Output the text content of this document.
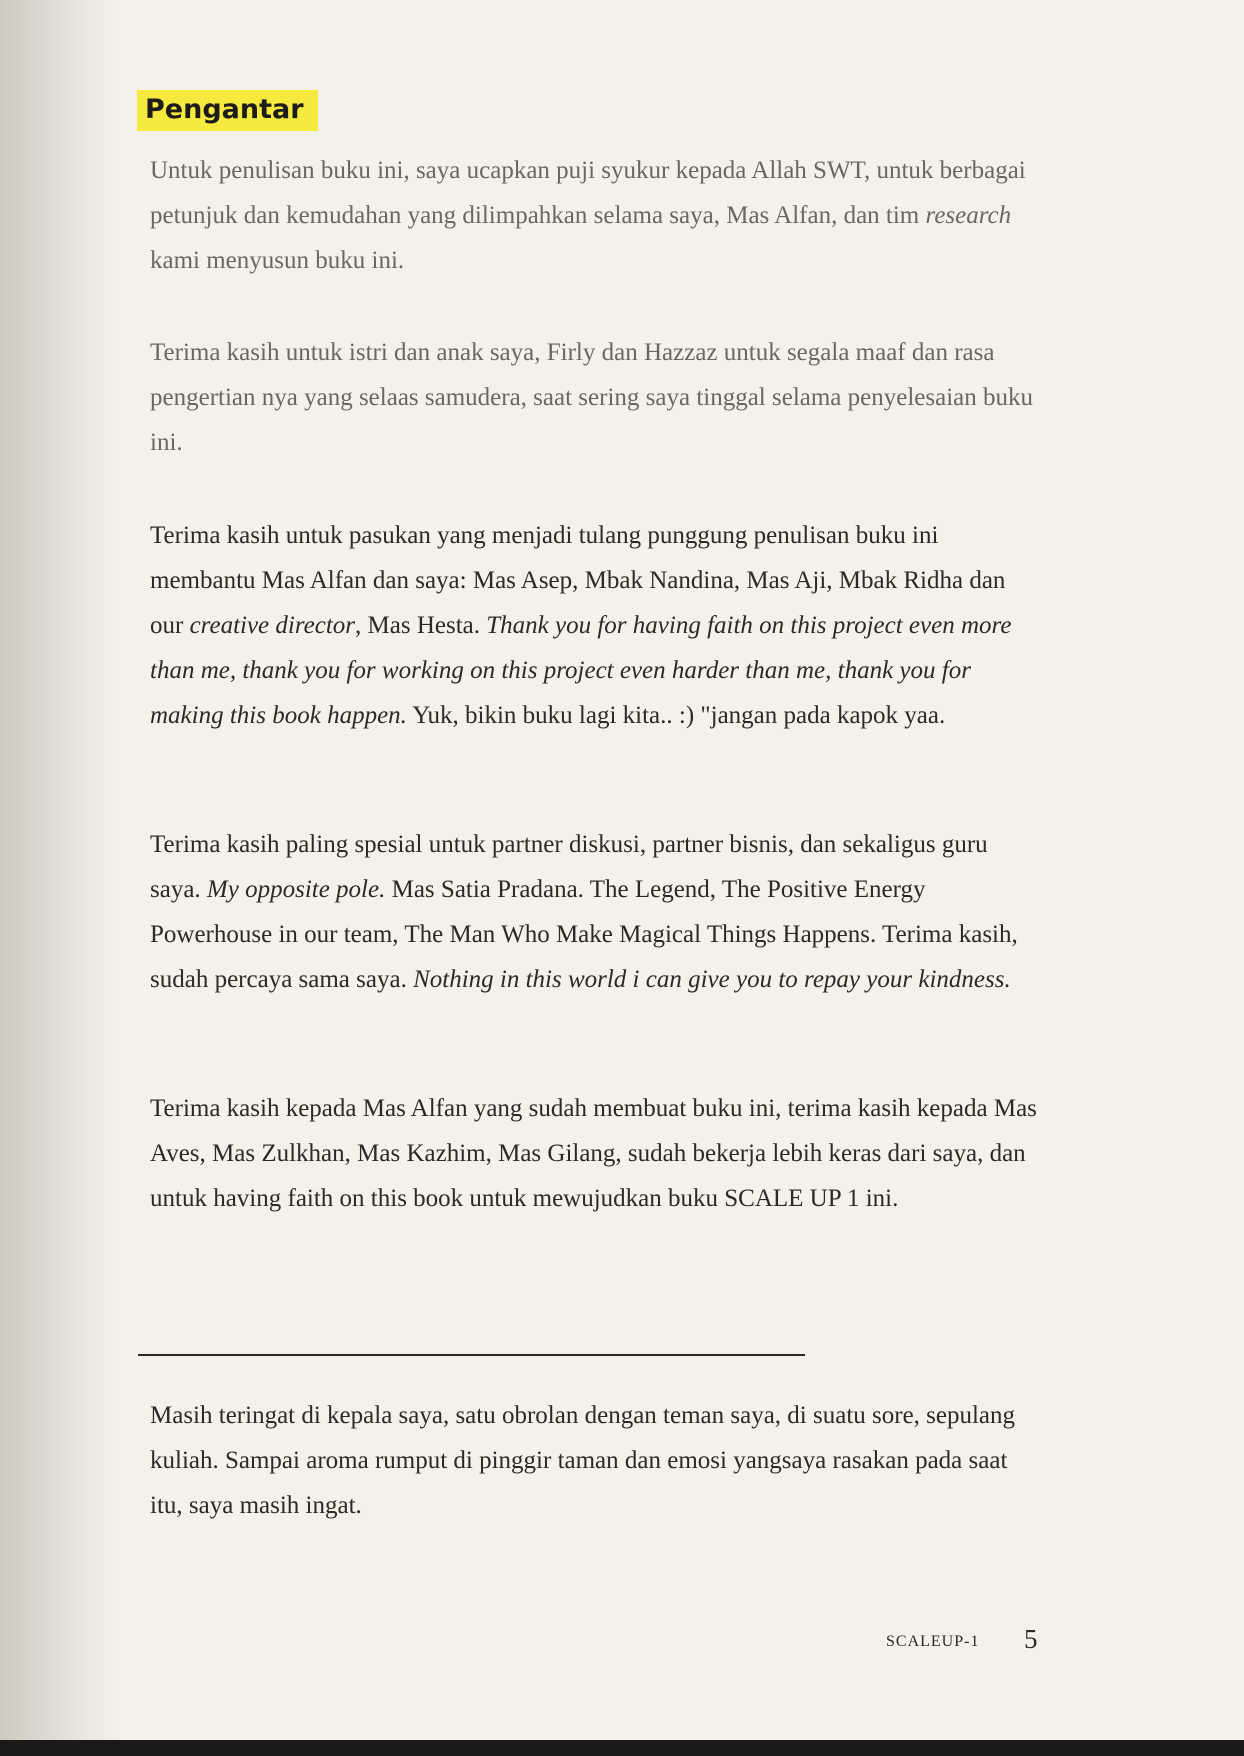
Pengantar

Untuk penulisan buku ini, saya ucapkan puji syukur kepada Allah SWT, untuk berbagai petunjuk dan kemudahan yang dilimpahkan selama saya, Mas Alfan, dan tim research kami menyusun buku ini.

Terima kasih untuk istri dan anak saya, Firly dan Hazzaz untuk segala maaf dan rasa pengertian nya yang selaas samudera, saat sering saya tinggal selama penyelesaian buku ini.

Terima kasih untuk pasukan yang menjadi tulang punggung penulisan buku ini membantu Mas Alfan dan saya: Mas Asep, Mbak Nandina, Mas Aji, Mbak Ridha dan our creative director, Mas Hesta. Thank you for having faith on this project even more than me, thank you for working on this project even harder than me, thank you for making this book happen. Yuk, bikin buku lagi kita.. :) "jangan pada kapok yaa.

Terima kasih paling spesial untuk partner diskusi, partner bisnis, dan sekaligus guru saya. My opposite pole. Mas Satia Pradana. The Legend, The Positive Energy Powerhouse in our team, The Man Who Make Magical Things Happens. Terima kasih, sudah percaya sama saya. Nothing in this world i can give you to repay your kindness.

Terima kasih kepada Mas Alfan yang sudah membuat buku ini, terima kasih kepada Mas Aves, Mas Zulkhan, Mas Kazhim, Mas Gilang, sudah bekerja lebih keras dari saya, dan untuk having faith on this book untuk mewujudkan buku SCALE UP 1 ini.

Masih teringat di kepala saya, satu obrolan dengan teman saya, di suatu sore, sepulang kuliah. Sampai aroma rumput di pinggir taman dan emosi yangsaya rasakan pada saat itu, saya masih ingat.

SCALEUP-1 5
